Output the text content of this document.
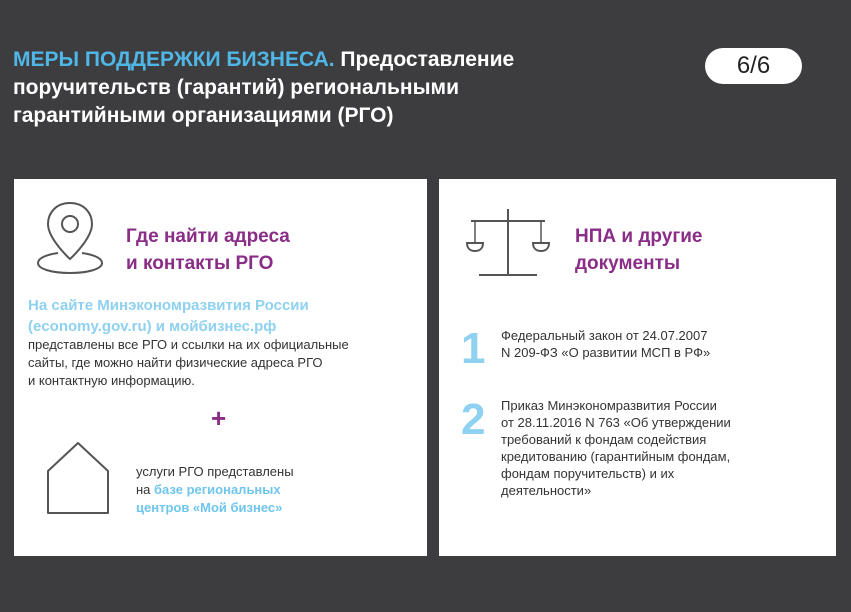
МЕРЫ ПОДДЕРЖКИ БИЗНЕСА. Предоставление
поручительств (гарантий) региональными
гарантийными организациями (РГО)
6/6
Где найти адреса
и контакты РГО
На сайте Минэкономразвития России
(economy.gov.ru) и мойбизнес.рф
представлены все РГО и ссылки на их официальные
сайты, где можно найти физические адреса РГО
и контактную информацию.
+
услуги РГО представлены
на базе региональных
центров «Мой бизнес»
НПА и другие
документы
1 Федеральный закон от 24.07.2007
N 209-ФЗ «О развитии МСП в РФ»
2 Приказ Минэкономразвития России
от 28.11.2016 N 763 «Об утверждении
требований к фондам содействия
кредитованию (гарантийным фондам,
фондам поручительств) и их
деятельности»
